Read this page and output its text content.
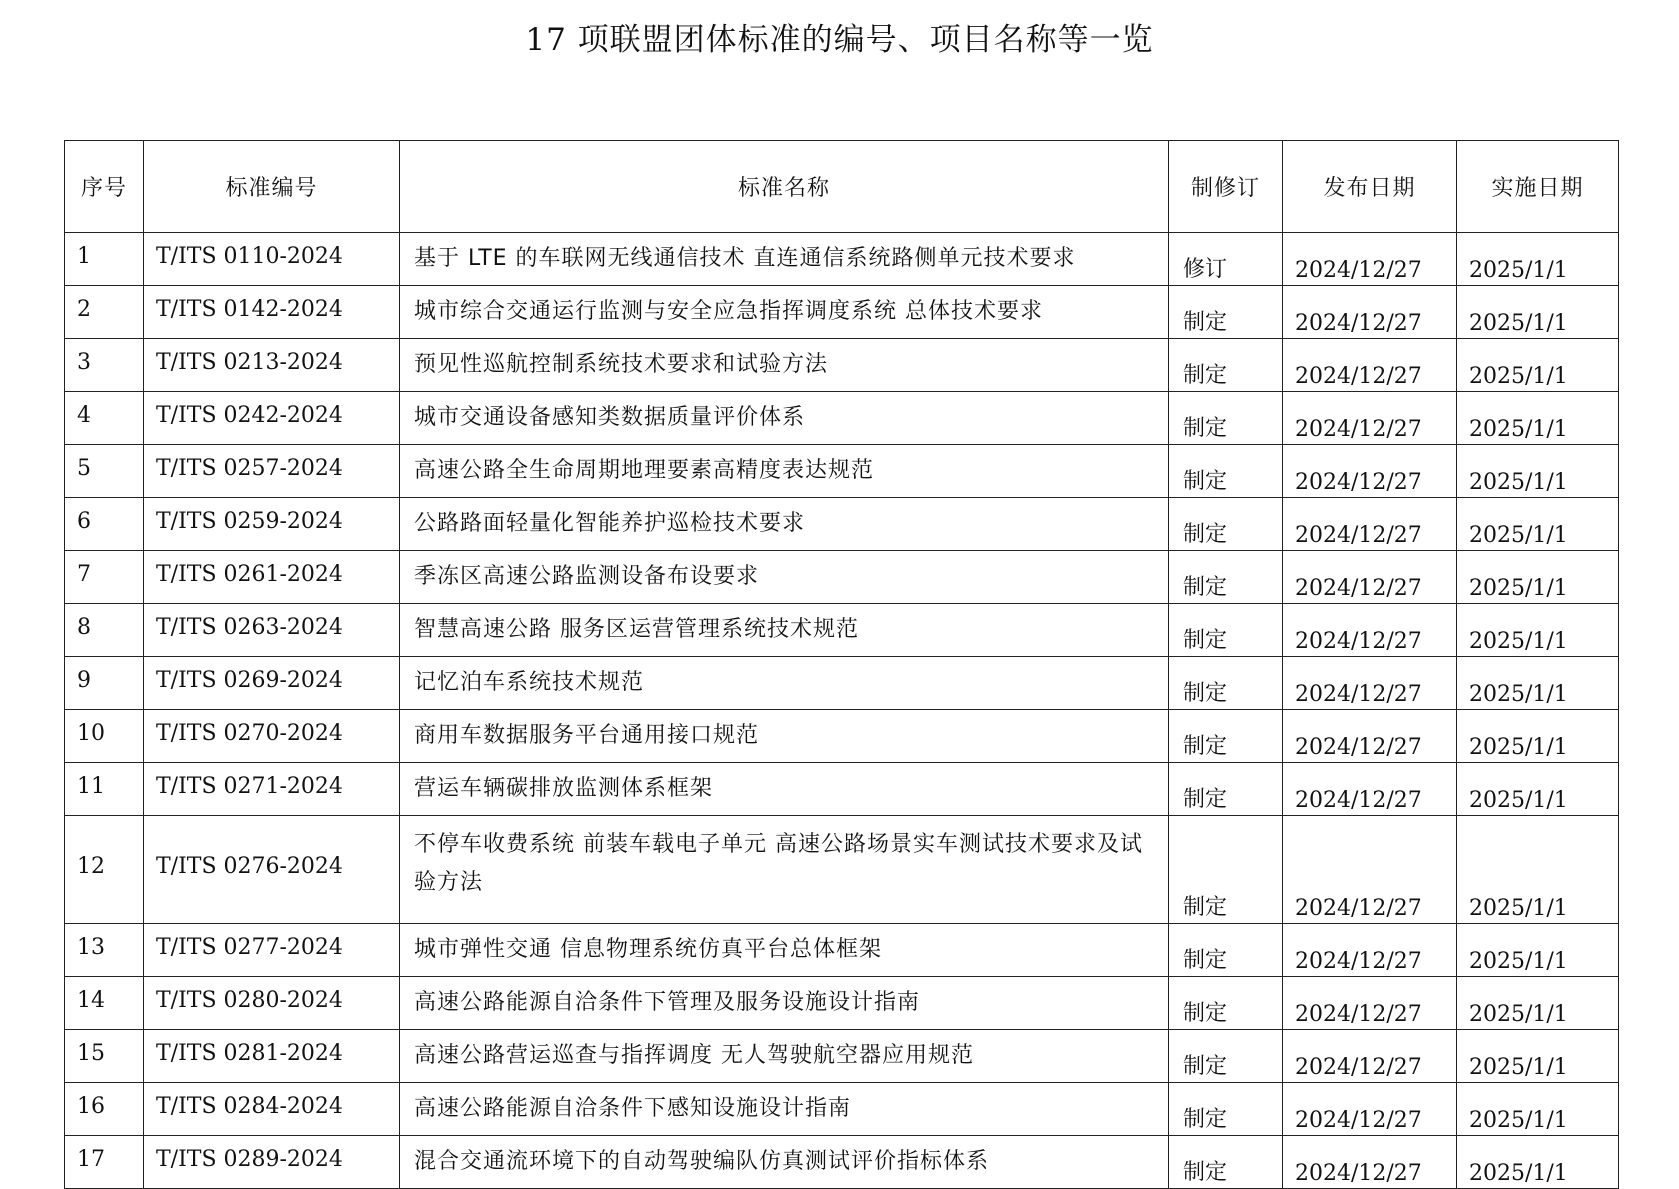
17 项联盟团体标准的编号、项目名称等一览
序号	标准编号	标准名称	制修订	发布日期	实施日期
1	T/ITS 0110-2024	基于 LTE 的车联网无线通信技术 直连通信系统路侧单元技术要求	修订	2024/12/27	2025/1/1
2	T/ITS 0142-2024	城市综合交通运行监测与安全应急指挥调度系统 总体技术要求	制定	2024/12/27	2025/1/1
3	T/ITS 0213-2024	预见性巡航控制系统技术要求和试验方法	制定	2024/12/27	2025/1/1
4	T/ITS 0242-2024	城市交通设备感知类数据质量评价体系	制定	2024/12/27	2025/1/1
5	T/ITS 0257-2024	高速公路全生命周期地理要素高精度表达规范	制定	2024/12/27	2025/1/1
6	T/ITS 0259-2024	公路路面轻量化智能养护巡检技术要求	制定	2024/12/27	2025/1/1
7	T/ITS 0261-2024	季冻区高速公路监测设备布设要求	制定	2024/12/27	2025/1/1
8	T/ITS 0263-2024	智慧高速公路 服务区运营管理系统技术规范	制定	2024/12/27	2025/1/1
9	T/ITS 0269-2024	记忆泊车系统技术规范	制定	2024/12/27	2025/1/1
10	T/ITS 0270-2024	商用车数据服务平台通用接口规范	制定	2024/12/27	2025/1/1
11	T/ITS 0271-2024	营运车辆碳排放监测体系框架	制定	2024/12/27	2025/1/1
12	T/ITS 0276-2024	不停车收费系统 前装车载电子单元 高速公路场景实车测试技术要求及试验方法	制定	2024/12/27	2025/1/1
13	T/ITS 0277-2024	城市弹性交通 信息物理系统仿真平台总体框架	制定	2024/12/27	2025/1/1
14	T/ITS 0280-2024	高速公路能源自洽条件下管理及服务设施设计指南	制定	2024/12/27	2025/1/1
15	T/ITS 0281-2024	高速公路营运巡查与指挥调度 无人驾驶航空器应用规范	制定	2024/12/27	2025/1/1
16	T/ITS 0284-2024	高速公路能源自洽条件下感知设施设计指南	制定	2024/12/27	2025/1/1
17	T/ITS 0289-2024	混合交通流环境下的自动驾驶编队仿真测试评价指标体系	制定	2024/12/27	2025/1/1
